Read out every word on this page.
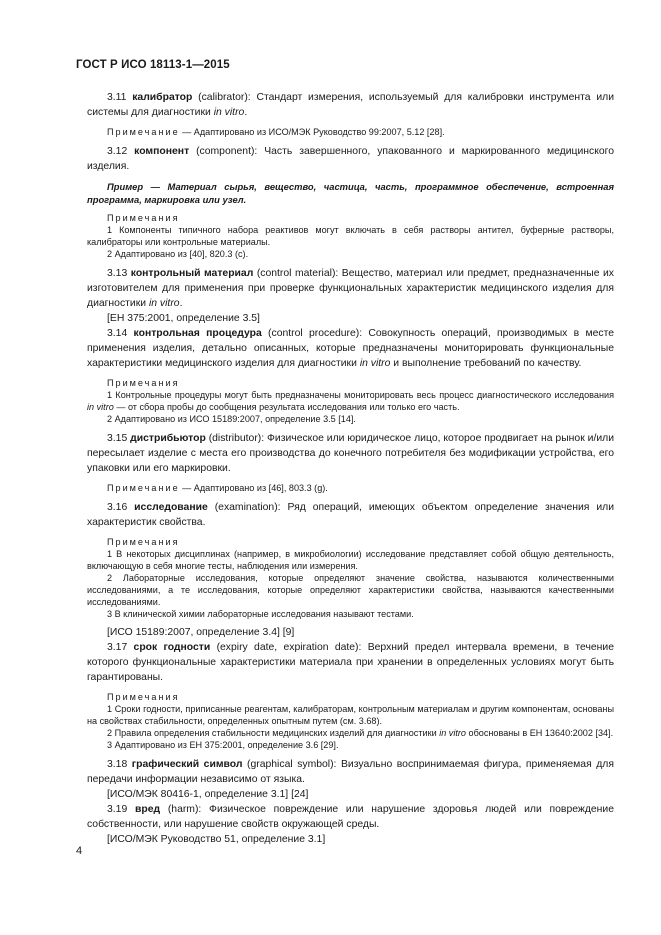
ГОСТ Р ИСО 18113-1—2015

3.11 калибратор (calibrator): Стандарт измерения, используемый для калибровки инструмента или системы для диагностики in vitro.

Примечание — Адаптировано из ИСО/МЭК Руководство 99:2007, 5.12 [28].

3.12 компонент (component): Часть завершенного, упакованного и маркированного медицинского изделия.

Пример — Материал сырья, вещество, частица, часть, программное обеспечение, встроенная программа, маркировка или узел.

Примечания

1 Компоненты типичного набора реактивов могут включать в себя растворы антител, буферные растворы, калибраторы или контрольные материалы.

2 Адаптировано из [40], 820.3 (с).

3.13 контрольный материал (control material): Вещество, материал или предмет, предназначенные их изготовителем для применения при проверке функциональных характеристик медицинского изделия для диагностики in vitro.

[ЕН 375:2001, определение 3.5]

3.14 контрольная процедура (control procedure): Совокупность операций, производимых в месте применения изделия, детально описанных, которые предназначены мониторировать функциональные характеристики медицинского изделия для диагностики in vitro и выполнение требований по качеству.

Примечания

1 Контрольные процедуры могут быть предназначены мониторировать весь процесс диагностического исследования in vitro — от сбора пробы до сообщения результата исследования или только его часть.

2 Адаптировано из ИСО 15189:2007, определение 3.5 [14].

3.15 дистрибьютор (distributor): Физическое или юридическое лицо, которое продвигает на рынок и/или пересылает изделие с места его производства до конечного потребителя без модификации устройства, его упаковки или его маркировки.

Примечание — Адаптировано из [46], 803.3 (g).

3.16 исследование (examination): Ряд операций, имеющих объектом определение значения или характеристик свойства.

Примечания

1 В некоторых дисциплинах (например, в микробиологии) исследование представляет собой общую деятельность, включающую в себя многие тесты, наблюдения или измерения.

2 Лабораторные исследования, которые определяют значение свойства, называются количественными исследованиями, а те исследования, которые определяют характеристики свойства, называются качественными исследованиями.

3 В клинической химии лабораторные исследования называют тестами.

[ИСО 15189:2007, определение 3.4] [9]

3.17 срок годности (expiry date, expiration date): Верхний предел интервала времени, в течение которого функциональные характеристики материала при хранении в определенных условиях могут быть гарантированы.

Примечания

1 Сроки годности, приписанные реагентам, калибраторам, контрольным материалам и другим компонентам, основаны на свойствах стабильности, определенных опытным путем (см. 3.68).

2 Правила определения стабильности медицинских изделий для диагностики in vitro обоснованы в ЕН 13640:2002 [34].

3 Адаптировано из ЕН 375:2001, определение 3.6 [29].

3.18 графический символ (graphical symbol): Визуально воспринимаемая фигура, применяемая для передачи информации независимо от языка.

[ИСО/МЭК 80416-1, определение 3.1] [24]

3.19 вред (harm): Физическое повреждение или нарушение здоровья людей или повреждение собственности, или нарушение свойств окружающей среды.

[ИСО/МЭК Руководство 51, определение 3.1]

4
